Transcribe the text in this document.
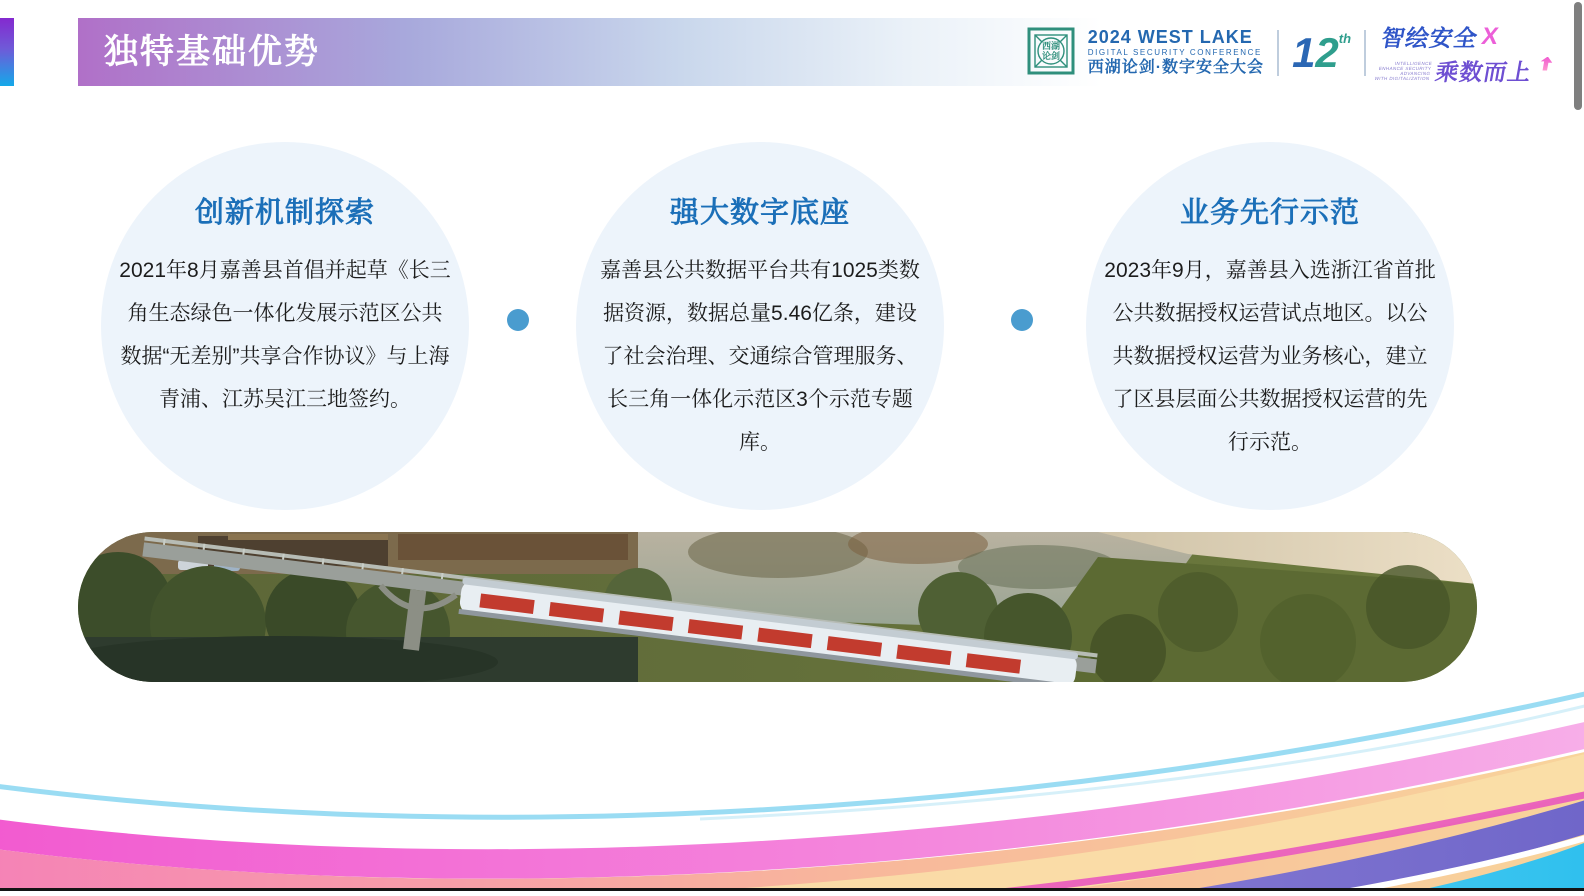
独特基础优势	西湖
论剑
2024 WEST LAKE
DIGITAL SECURITY CONFERENCE
西湖论剑·数字安全大会 1 2 th 智绘安全 X
INTELLIGENCE
ENHANCE SECURITY
ADVANCING
WITH DIGITALIZATION 乘数而上
创新机制探索
2021年8月嘉善县首倡并起草《长三角生态绿色一体化发展示范区公共数据“无差别”共享合作协议》与上海青浦、江苏吴江三地签约。
强大数字底座
嘉善县公共数据平台共有1025类数据资源，数据总量5.46亿条，建设了社会治理、交通综合管理服务、长三角一体化示范区3个示范专题库。
业务先行示范
2023年9月，嘉善县入选浙江省首批公共数据授权运营试点地区。以公共数据授权运营为业务核心，建立了区县层面公共数据授权运营的先行示范。
